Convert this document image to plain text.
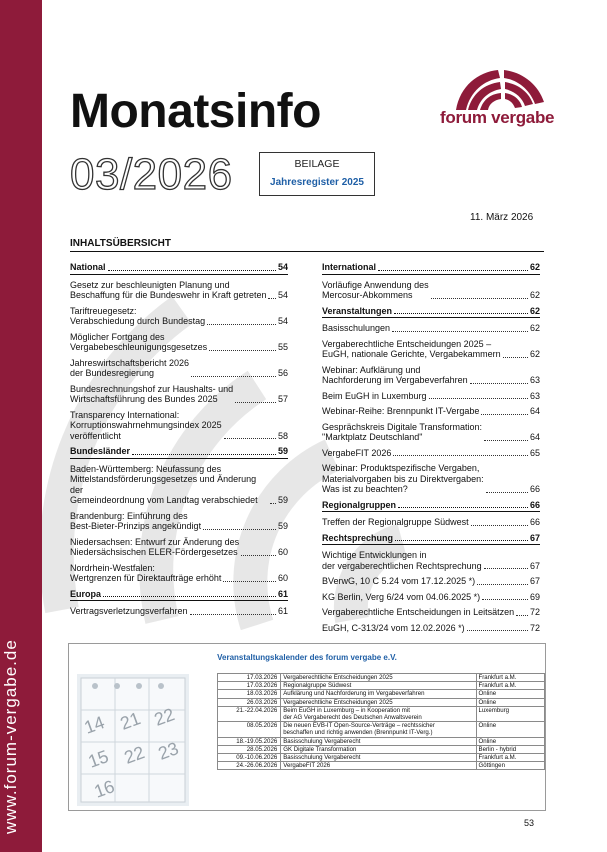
www.forum-vergabe.de
Monatsinfo
03/2026	BEILAGE
Jahresregister 2025
forum vergabe
11. März 2026
INHALTSÜBERSICHT
National	54
Gesetz zur beschleunigten Planung und
Beschaffung für die Bundeswehr in Kraft getreten 54
Tariftreuegesetz:
Verabschiedung durch Bundestag	54
Möglicher Fortgang des
Vergabebeschleunigungsgesetzes	55
Jahreswirtschaftsbericht 2026
der Bundesregierung	56
Bundesrechnungshof zur Haushalts- und
Wirtschaftsführung des Bundes 2025	57
Transparency International:
Korruptionswahrnehmungsindex 2025
veröffentlicht	58
Bundesländer	59
Baden-Württemberg: Neufassung des
Mittelstandsförderungsgesetzes und Änderung der
Gemeindeordnung vom Landtag verabschiedet	59
Brandenburg: Einführung des
Best-Bieter-Prinzips angekündigt	59
Niedersachsen: Entwurf zur Änderung des
Niedersächsischen ELER-Fördergesetzes	60
Nordrhein-Westfalen:
Wertgrenzen für Direktaufträge erhöht	60
Europa	61
Vertragsverletzungsverfahren	61
International	62
Vorläufige Anwendung des
Mercosur-Abkommens	62
Veranstaltungen	62
Basisschulungen	62
Vergaberechtliche Entscheidungen 2025 –
EuGH, nationale Gerichte, Vergabekammern	62
Webinar: Aufklärung und
Nachforderung im Vergabeverfahren	63
Beim EuGH in Luxemburg	63
Webinar-Reihe: Brennpunkt IT-Vergabe	64
Gesprächskreis Digitale Transformation:
"Marktplatz Deutschland"	64
VergabeFIT 2026	65
Webinar: Produktspezifische Vergaben,
Materialvorgaben bis zu Direktvergaben:
Was ist zu beachten?	66
Regionalgruppen	66
Treffen der Regionalgruppe Südwest	66
Rechtsprechung	67
Wichtige Entwicklungen in
der vergaberechtlichen Rechtsprechung	67
BVerwG, 10 C 5.24 vom 17.12.2025 *)	67
KG Berlin, Verg 6/24 vom 04.06.2025 *)	69
Vergaberechtliche Entscheidungen in Leitsätzen 72
EuGH, C-313/24 vom 12.02.2026 *)	72
Veranstaltungskalender des forum vergabe e.V.
14 21 22
15 22 23
16
17.03.2026	Vergaberechtliche Entscheidungen 2025	Frankfurt a.M.
17.03.2026	Regionalgruppe Südwest	Frankfurt a.M.
18.03.2026	Aufklärung und Nachforderung im Vergabeverfahren	Online
26.03.2026	Vergaberechtliche Entscheidungen 2025	Online
21.-22.04.2026	Beim EuGH in Luxemburg – in Kooperation mit
der AG Vergaberecht des Deutschen Anwaltsverein	Luxemburg
08.05.2026	Die neuen EVB-IT Open-Source-Verträge – rechtssicher
beschaffen und richtig anwenden (Brennpunkt IT-Verg.)	Online
18.-19.05.2026	Basisschulung Vergaberecht	Online
28.05.2026	GK Digitale Transformation	Berlin - hybrid
09.-10.06.2026	Basisschulung Vergaberecht	Frankfurt a.M.
24.-26.06.2026	VergabeFIT 2026	Göttingen
53
